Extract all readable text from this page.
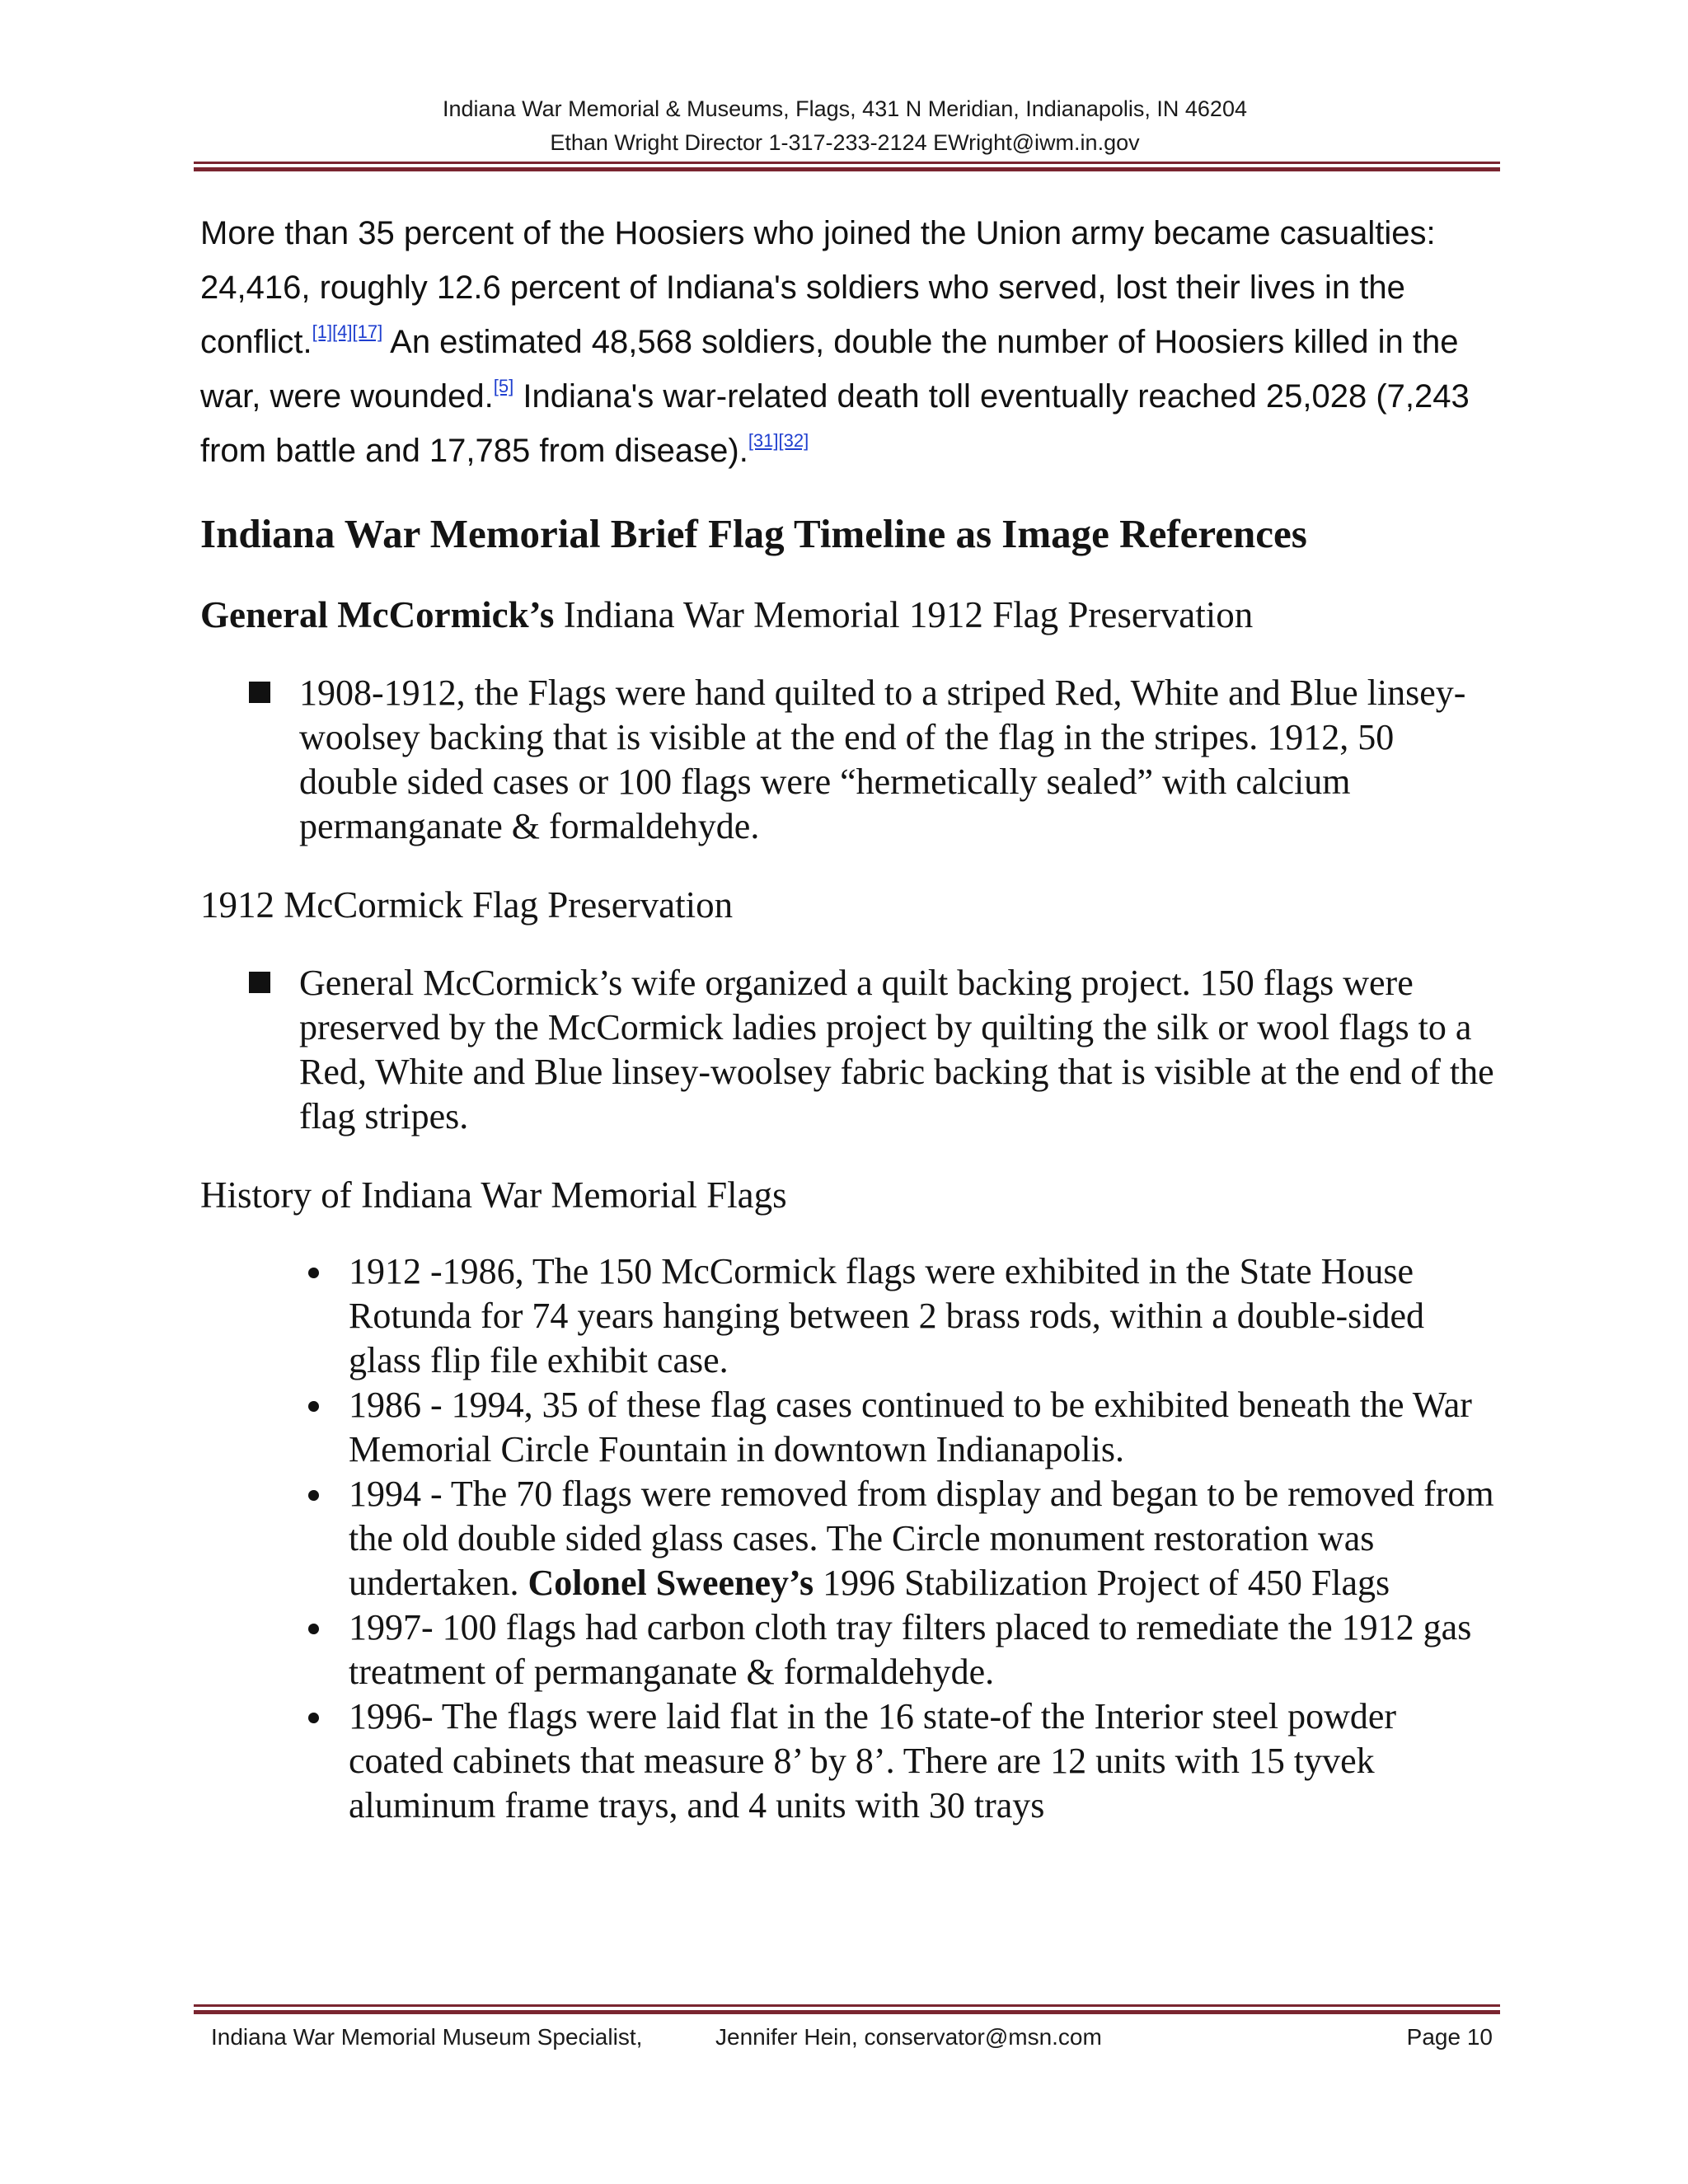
Indiana War Memorial & Museums, Flags, 431 N Meridian, Indianapolis, IN 46204
Ethan Wright Director 1-317-233-2124 EWright@iwm.in.gov

More than 35 percent of the Hoosiers who joined the Union army became casualties: 24,416, roughly 12.6 percent of Indiana's soldiers who served, lost their lives in the conflict.[1][4][17] An estimated 48,568 soldiers, double the number of Hoosiers killed in the war, were wounded.[5] Indiana's war-related death toll eventually reached 25,028 (7,243 from battle and 17,785 from disease).[31][32]

Indiana War Memorial Brief Flag Timeline as Image References

General McCormick’s Indiana War Memorial 1912 Flag Preservation

1908-1912, the Flags were hand quilted to a striped Red, White and Blue linsey-woolsey backing that is visible at the end of the flag in the stripes. 1912, 50 double sided cases or 100 flags were “hermetically sealed” with calcium permanganate & formaldehyde.

1912 McCormick Flag Preservation

General McCormick’s wife organized a quilt backing project. 150 flags were preserved by the McCormick ladies project by quilting the silk or wool flags to a Red, White and Blue linsey-woolsey fabric backing that is visible at the end of the flag stripes.

History of Indiana War Memorial Flags

1912 -1986, The 150 McCormick flags were exhibited in the State House Rotunda for 74 years hanging between 2 brass rods, within a double-sided glass flip file exhibit case.
1986 - 1994, 35 of these flag cases continued to be exhibited beneath the War Memorial Circle Fountain in downtown Indianapolis.
1994 - The 70 flags were removed from display and began to be removed from the old double sided glass cases. The Circle monument restoration was undertaken. Colonel Sweeney’s 1996 Stabilization Project of 450 Flags
1997- 100 flags had carbon cloth tray filters placed to remediate the 1912 gas treatment of permanganate & formaldehyde.
1996- The flags were laid flat in the 16 state-of the Interior steel powder coated cabinets that measure 8’ by 8’. There are 12 units with 15 tyvek aluminum frame trays, and 4 units with 30 trays
Indiana War Memorial Museum Specialist,	Jennifer Hein, conservator@msn.com	Page 10
